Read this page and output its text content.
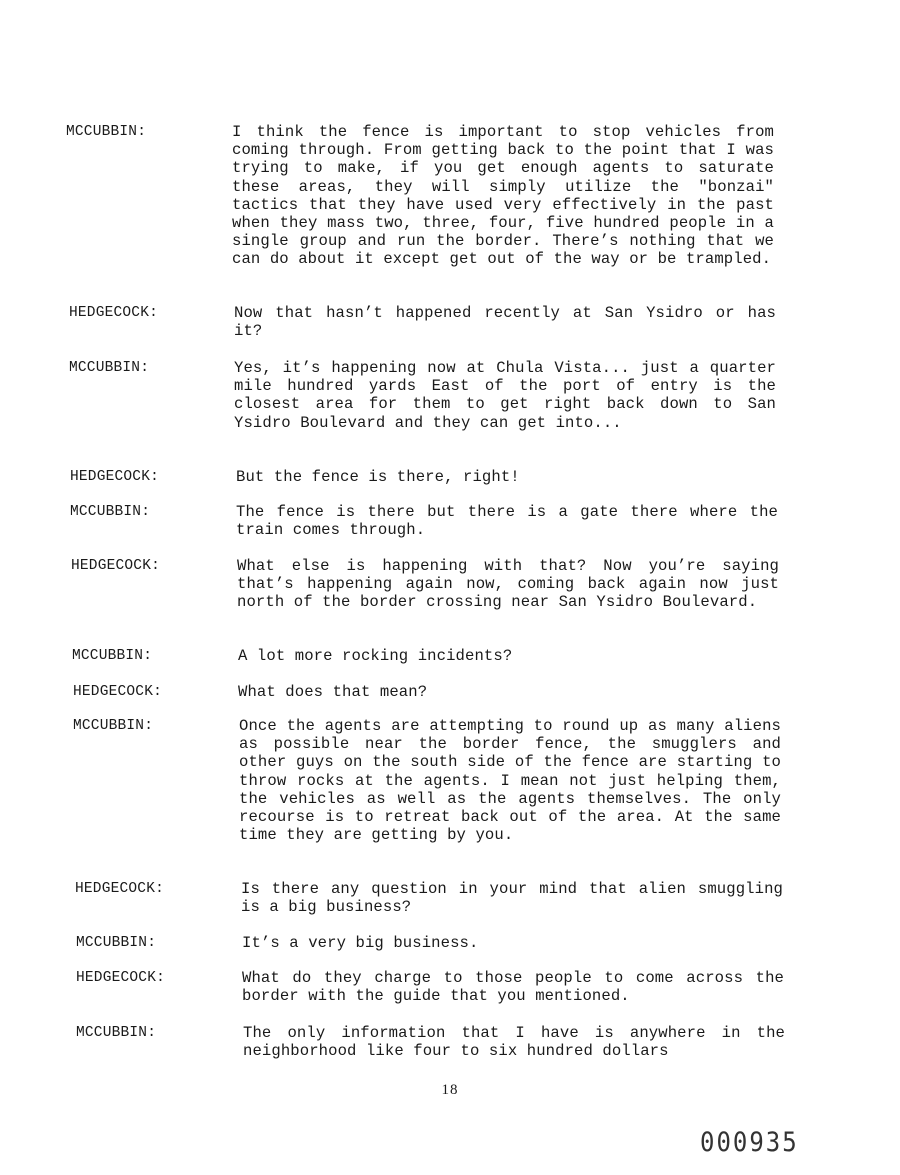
MCCUBBIN:	I think the fence is important to stop vehicles from coming through. From getting back to the point that I was trying to make, if you get enough agents to saturate these areas, they will simply utilize the "bonzai" tactics that they have used very effectively in the past when they mass two, three, four, five hundred people in a single group and run the border. There’s nothing that we can do about it except get out of the way or be trampled.
HEDGECOCK:	Now that hasn’t happened recently at San Ysidro or has it?
MCCUBBIN:	Yes, it’s happening now at Chula Vista... just a quarter mile hundred yards East of the port of entry is the closest area for them to get right back down to San Ysidro Boulevard and they can get into...
HEDGECOCK:	But the fence is there, right!
MCCUBBIN:	The fence is there but there is a gate there where the train comes through.
HEDGECOCK:	What else is happening with that? Now you’re saying that’s happening again now, coming back again now just north of the border crossing near San Ysidro Boulevard.
MCCUBBIN:	A lot more rocking incidents?
HEDGECOCK:	What does that mean?
MCCUBBIN:	Once the agents are attempting to round up as many aliens as possible near the border fence, the smugglers and other guys on the south side of the fence are starting to throw rocks at the agents. I mean not just helping them, the vehicles as well as the agents themselves. The only recourse is to retreat back out of the area. At the same time they are getting by you.
HEDGECOCK:	Is there any question in your mind that alien smuggling is a big business?
MCCUBBIN:	It’s a very big business.
HEDGECOCK:	What do they charge to those people to come across the border with the guide that you mentioned.
MCCUBBIN:	The only information that I have is anywhere in the neighborhood like four to six hundred dollars
18
000935
